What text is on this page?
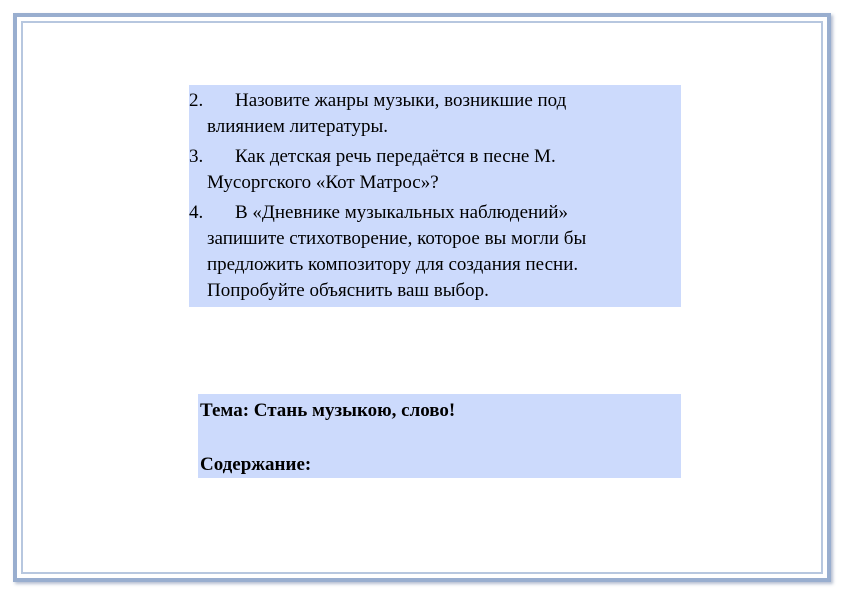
2.	Назовите жанры музыки, возникшие под
влиянием литературы.
3.	Как детская речь передаётся в песне М.
Мусоргского «Кот Матрос»?
4.	В «Дневнике музыкальных наблюдений»
запишите стихотворение, которое вы могли бы
предложить композитору для создания песни.
Попробуйте объяснить ваш выбор.
Тема: Стань музыкою, слово!
Содержание:
